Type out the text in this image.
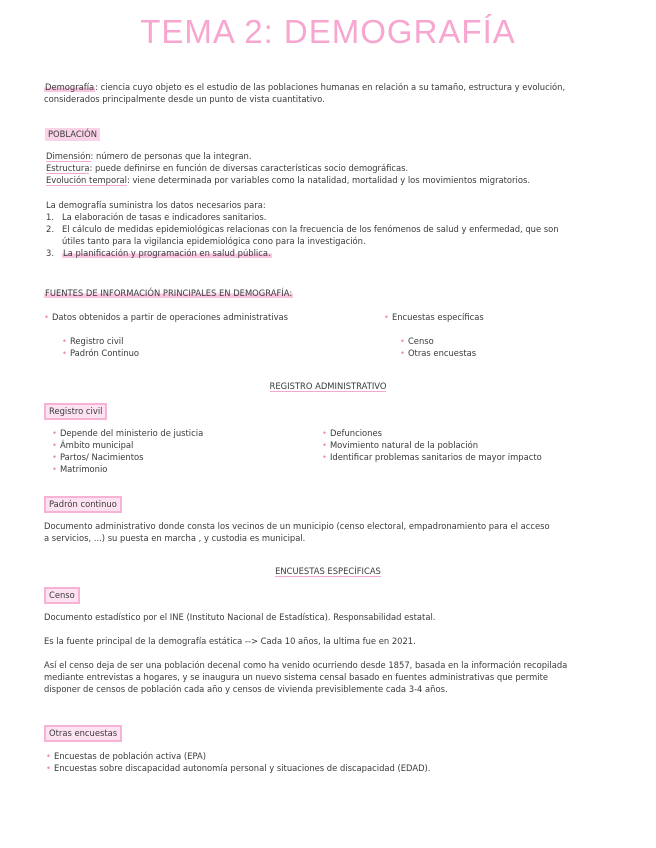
TEMA 2: DEMOGRAFÍA
Demografía: ciencia cuyo objeto es el estudio de las poblaciones humanas en relación a su tamaño, estructura y evolución,
considerados principalmente desde un punto de vista cuantitativo.
POBLACIÓN
Dimensión: número de personas que la integran.
Estructura: puede definirse en función de diversas características socio demográficas.
Evolución temporal: viene determinada por variables como la natalidad, mortalidad y los movimientos migratorios.
La demografía suministra los datos necesarios para:
1. La elaboración de tasas e indicadores sanitarios.
2. El cálculo de medidas epidemiológicas relacionas con la frecuencia de los fenómenos de salud y enfermedad, que son
útiles tanto para la vigilancia epidemiológica cono para la investigación.
3. La planificación y programación en salud pública.
FUENTES DE INFORMACIÓN PRINCIPALES EN DEMOGRAFÍA:
• Datos obtenidos a partir de operaciones administrativas
• Registro civil
• Padrón Continuo
• Encuestas específicas
• Censo
• Otras encuestas
REGISTRO ADMINISTRATIVO
Registro civil
• Depende del ministerio de justicia
• Ámbito municipal
• Partos/ Nacimientos
• Matrimonio
• Defunciones
• Movimiento natural de la población
• Identificar problemas sanitarios de mayor impacto
Padrón continuo
Documento administrativo donde consta los vecinos de un municipio (censo electoral, empadronamiento para el acceso
a servicios, ...) su puesta en marcha , y custodia es municipal.
ENCUESTAS ESPECÍFICAS
Censo
Documento estadístico por el INE (Instituto Nacional de Estadística). Responsabilidad estatal.
Es la fuente principal de la demografía estática --> Cada 10 años, la ultima fue en 2021.
Así el censo deja de ser una población decenal como ha venido ocurriendo desde 1857, basada en la información recopilada
mediante entrevistas a hogares, y se inaugura un nuevo sistema censal basado en fuentes administrativas que permite
disponer de censos de población cada año y censos de vivienda previsiblemente cada 3-4 años.
Otras encuestas
• Encuestas de población activa (EPA)
• Encuestas sobre discapacidad autonomía personal y situaciones de discapacidad (EDAD).
